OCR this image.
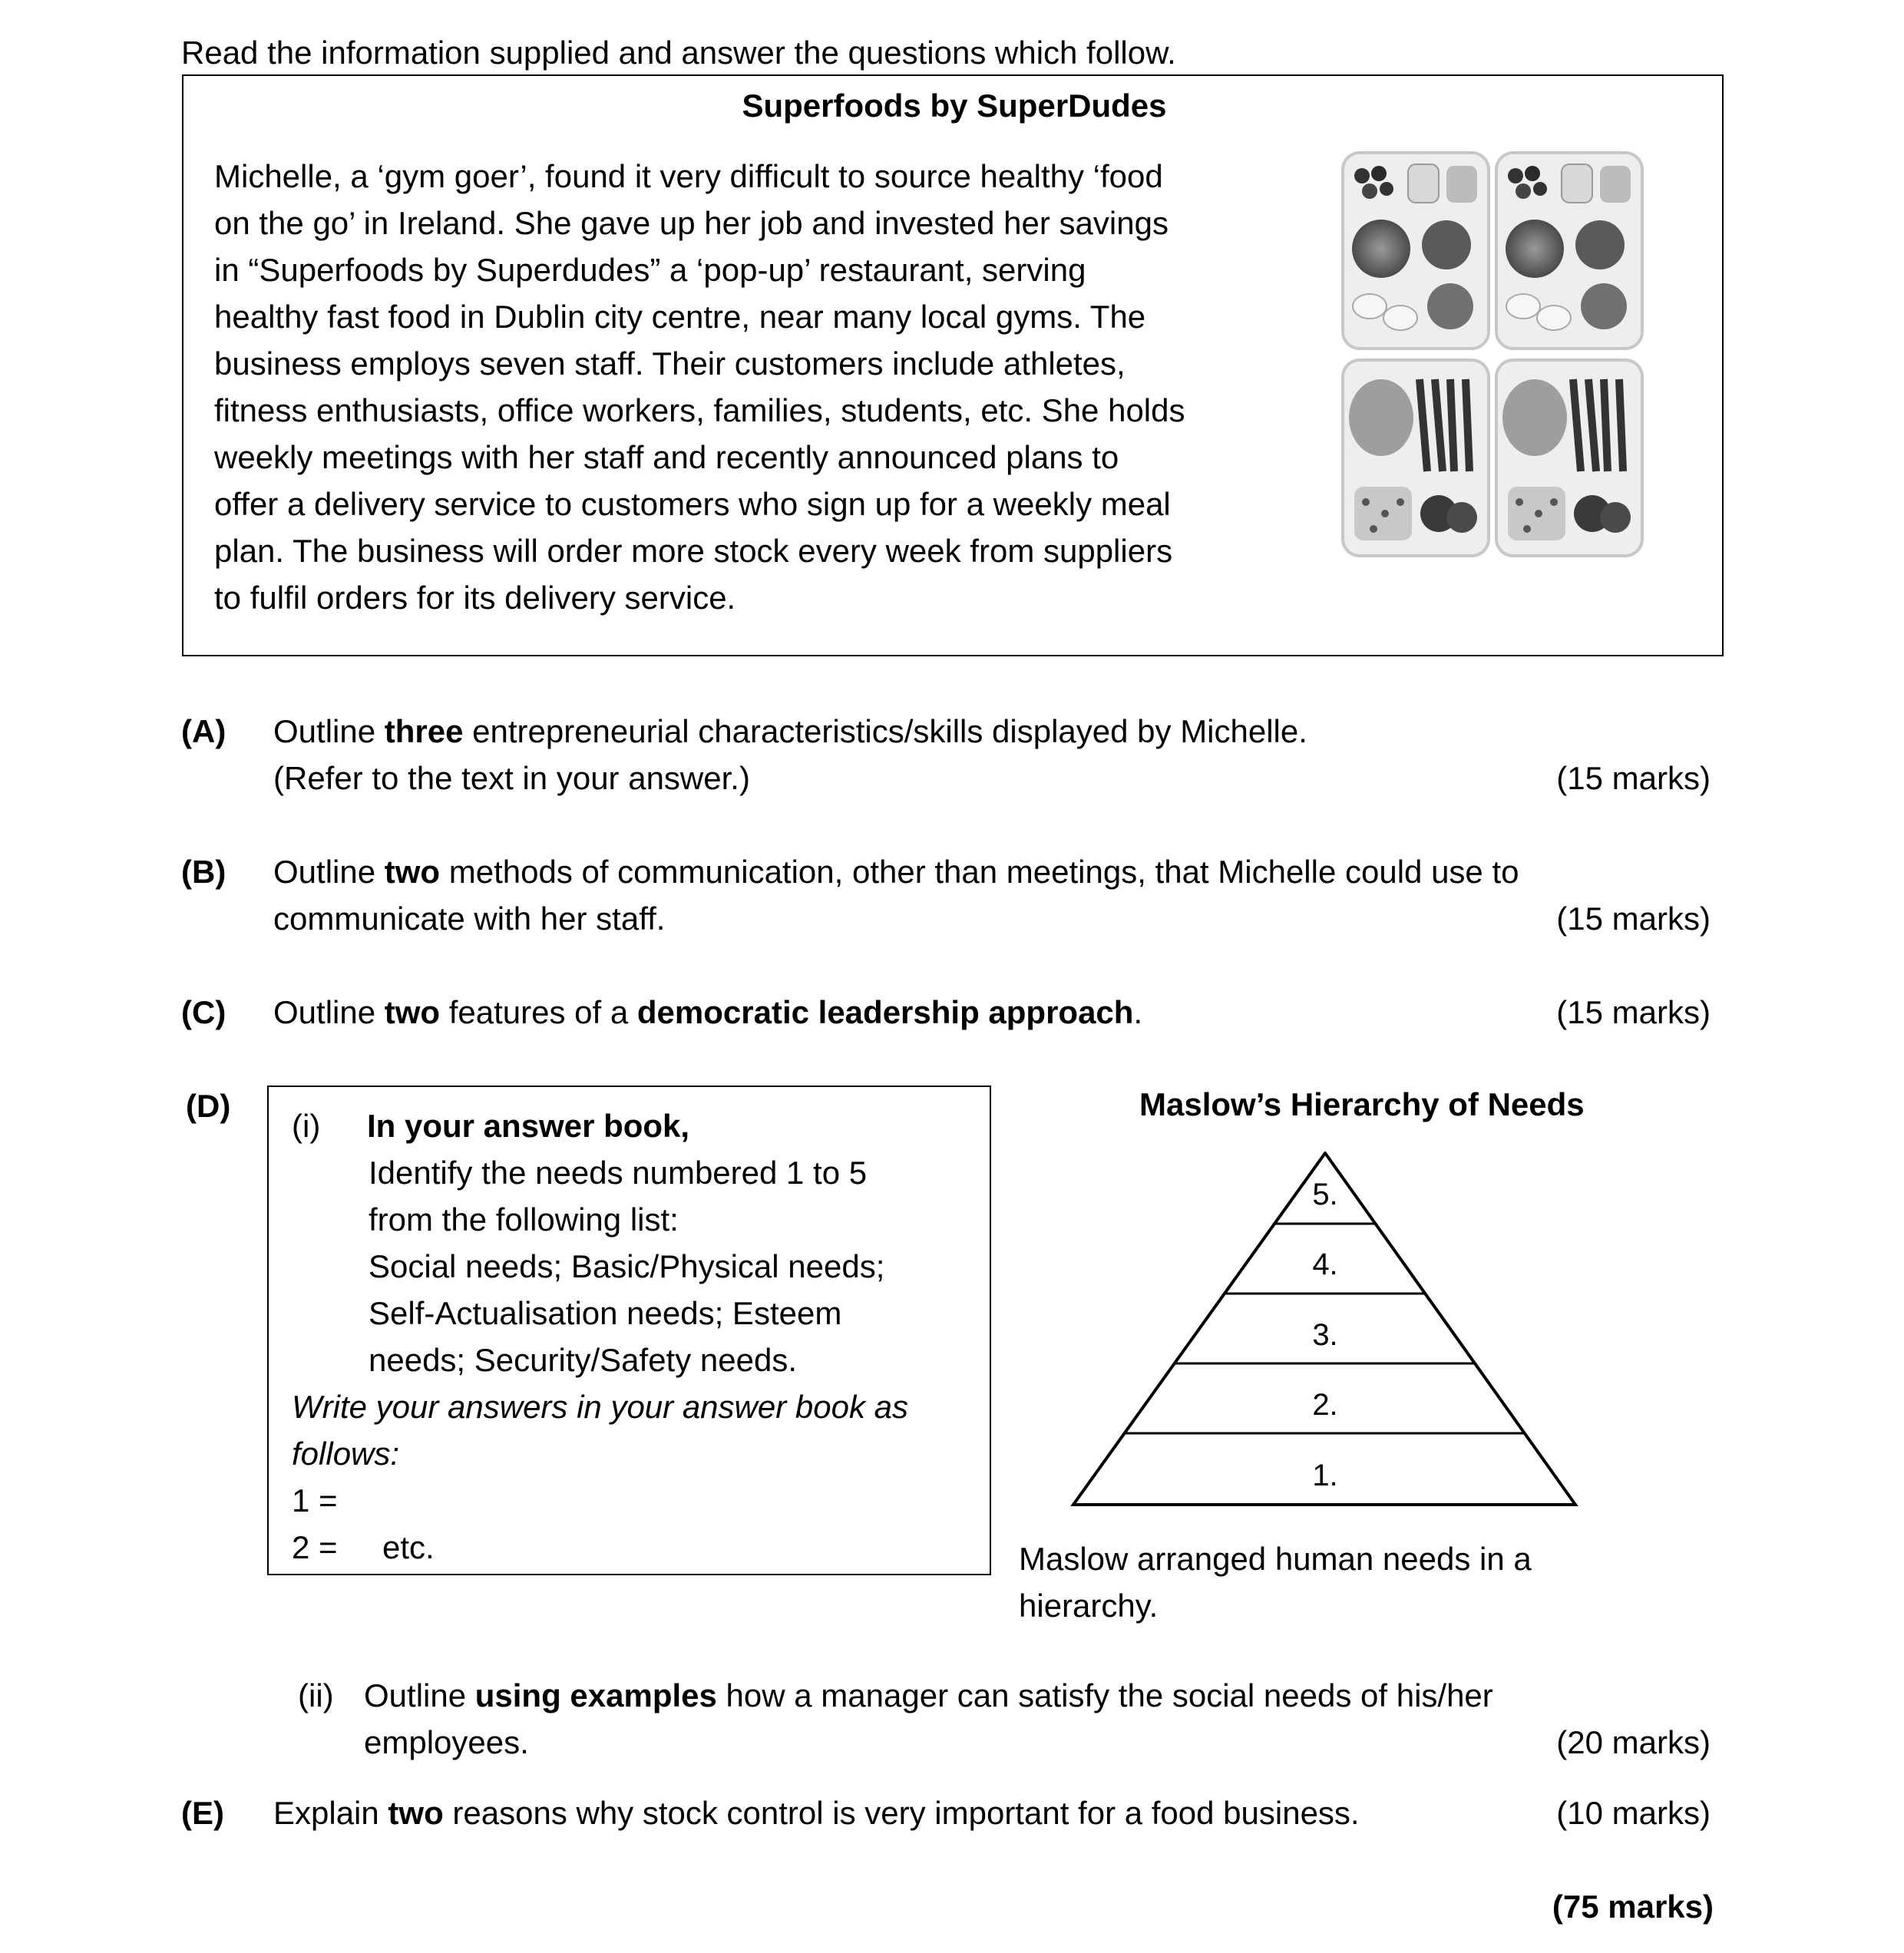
Read the information supplied and answer the questions which follow.
Superfoods by SuperDudes
Michelle, a ‘gym goer’, found it very difficult to source healthy ‘food
on the go’ in Ireland. She gave up her job and invested her savings
in “Superfoods by Superdudes” a ‘pop-up’ restaurant, serving
healthy fast food in Dublin city centre, near many local gyms. The
business employs seven staff. Their customers include athletes,
fitness enthusiasts, office workers, families, students, etc. She holds
weekly meetings with her staff and recently announced plans to
offer a delivery service to customers who sign up for a weekly meal
plan. The business will order more stock every week from suppliers
to fulfil orders for its delivery service.
(A) Outline three entrepreneurial characteristics/skills displayed by Michelle.
(Refer to the text in your answer.)	(15 marks)
(B) Outline two methods of communication, other than meetings, that Michelle could use to
communicate with her staff.	(15 marks)
(C) Outline two features of a democratic leadership approach.	(15 marks)
(D)
(i) In your answer book,
Identify the needs numbered 1 to 5
from the following list:
Social needs; Basic/Physical needs;
Self-Actualisation needs; Esteem
needs; Security/Safety needs.
Write your answers in your answer book as
follows:
1 =
2 = etc.
Maslow’s Hierarchy of Needs
1.
2.
3.
4.
5.
Maslow arranged human needs in a
hierarchy.
(ii) Outline using examples how a manager can satisfy the social needs of his/her
employees.	(20 marks)
(E) Explain two reasons why stock control is very important for a food business.	(10 marks)
(75 marks)
